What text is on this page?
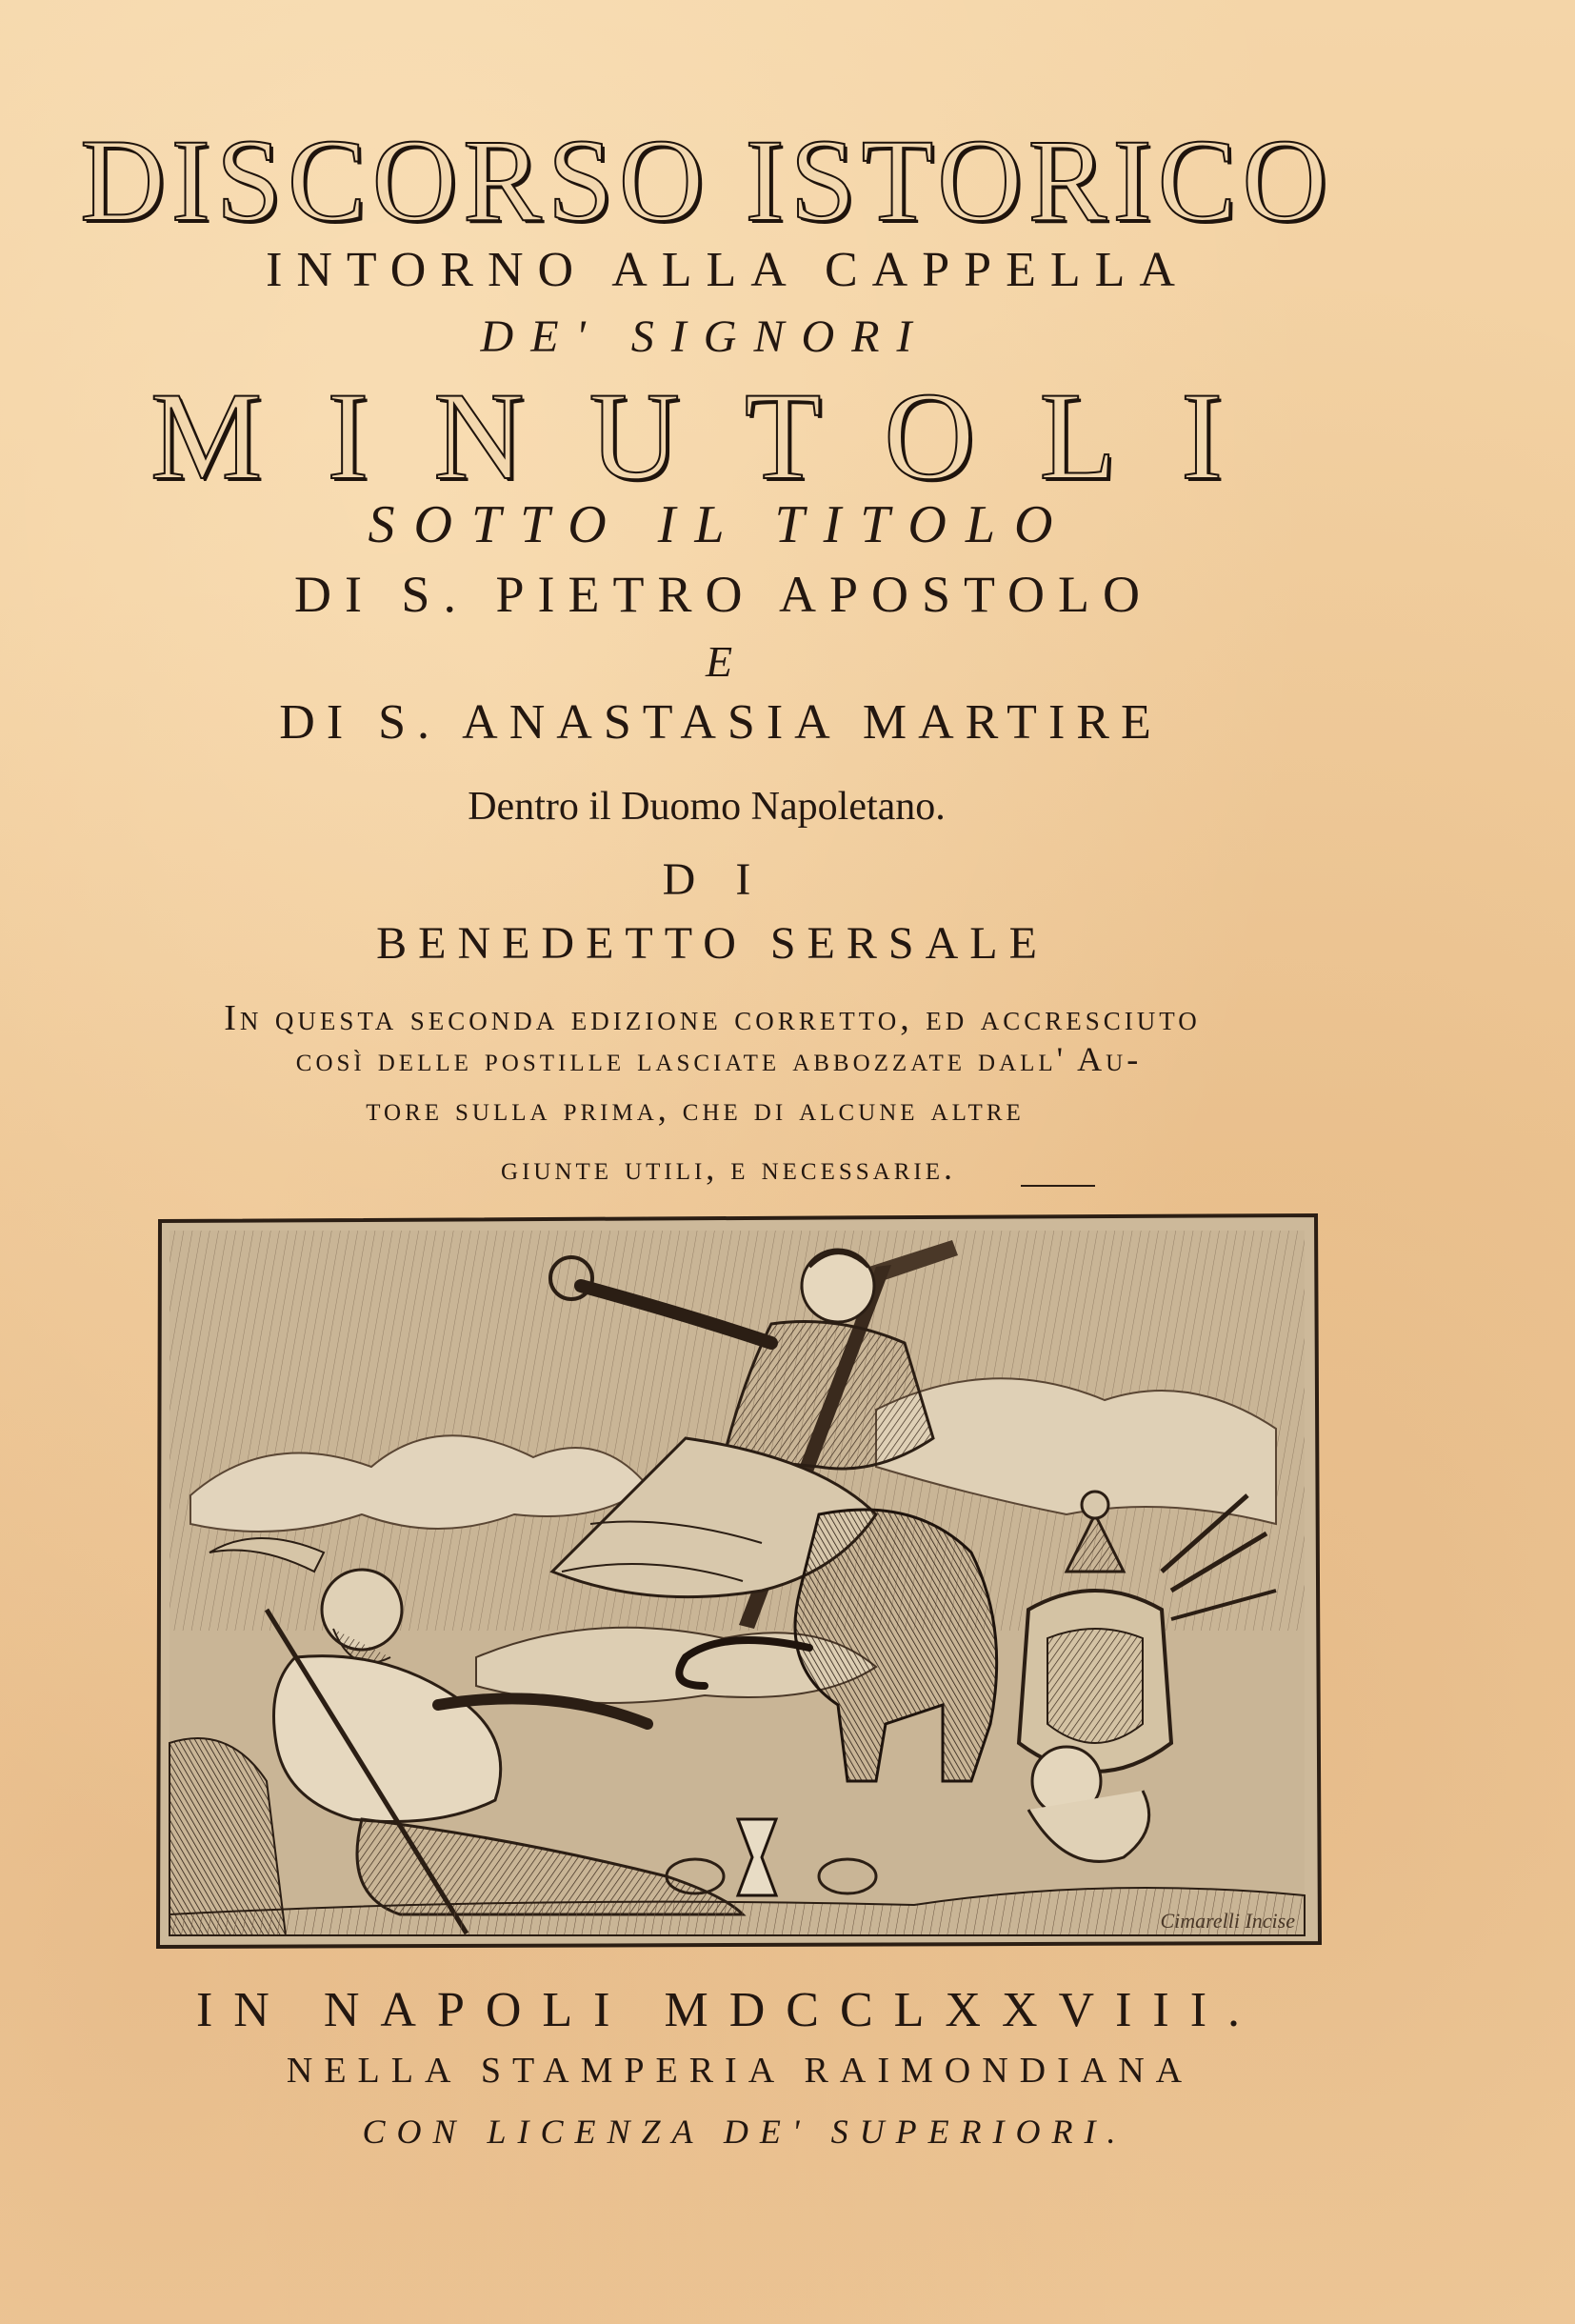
DISCORSO ISTORICO
INTORNO ALLA CAPPELLA
DE' SIGNORI
MINUTOLI
SOTTO IL TITOLO
DI S. PIETRO APOSTOLO
E
DI S. ANASTASIA MARTIRE
Dentro il Duomo Napoletano.
DI
BENEDETTO SERSALE
In questa seconda edizione corretto, ed accresciuto
così delle postille lasciate abbozzate dall' Au-
tore sulla prima, che di alcune altre
giunte utili, e necessarie.
Cimarelli Incise
IN NAPOLI MDCCLXXVIII.
NELLA STAMPERIA RAIMONDIANA
CON LICENZA DE' SUPERIORI.
